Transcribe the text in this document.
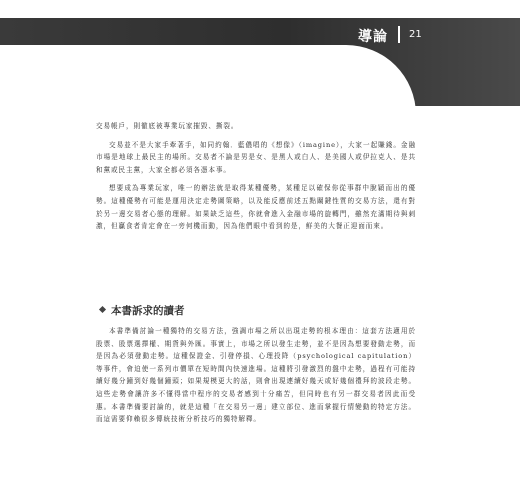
導論 21

交易帳戶，則徹底被專業玩家摧毀、撕裂。

交易並不是大家手牽著手，如同約翰．藍儂唱的《想像》（imagine），大家一起賺錢。金融市場是地球上最民主的場所。交易者不論是男是女、是黑人或白人、是美國人或伊拉克人、是共和黨或民主黨，大家全都必須各憑本事。

想要成為專業玩家，唯一的辦法就是取得某種優勢，某種足以確保你從事群中脫穎而出的優勢。這種優勢有可能是運用決定走勢圖策略，以及能反應前述五點關鍵性質的交易方法，還有對於另一邊交易者心態的理解。如果缺乏這些，你就會進入金融市場的旋轉門，雖然充滿期待與刺激，但贏食者肯定會在一旁何機而動，因為他們眼中看到的是，鮮美的大餐正迎面而來。

本書訴求的讀者

本書準備討論一種獨特的交易方法，強調市場之所以出現走勢的根本理由：這套方法適用於股票、股票選擇權、期貨與外匯。事實上，市場之所以發生走勢，並不是因為想要發動走勢，而是因為必須發動走勢。這種保證金、引發停損、心理投降（psychological capitulation）等事件，會迫使一系列市價單在短時間內快速進場。這種將引發激烈的盤中走勢，過程有可能持續好幾分鐘到好幾個鐘頭；如果規模更大的話，則會出現連續好幾天或好幾個禮拜的波段走勢。這些走勢會讓許多不懂得當中程序的交易者感到十分痛苦，但同時也有另一群交易者因此而受惠。本書準備要討論的，就是這種「在交易另一邊」建立部位、進而掌握行情變動的特定方法。而這需要仰賴很多傳統技術分析技巧的獨特解釋。
